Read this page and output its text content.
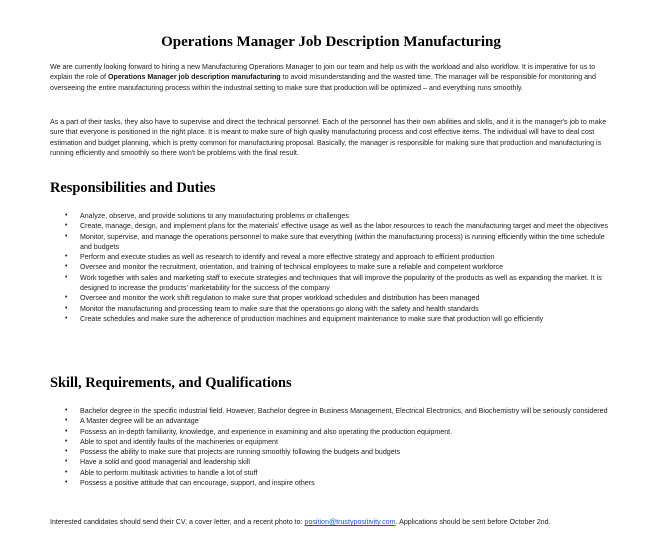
Operations Manager Job Description Manufacturing

We are currently looking forward to hiring a new Manufacturing Operations Manager to join our team and help us with the workload and also workflow. It is imperative for us to explain the role of Operations Manager job description manufacturing to avoid misunderstanding and the wasted time. The manager will be responsible for monitoring and overseeing the entire manufacturing process within the industrial setting to make sure that production will be optimized – and everything runs smoothly.

As a part of their tasks, they also have to supervise and direct the technical personnel. Each of the personnel has their own abilities and skills, and it is the manager's job to make sure that everyone is positioned in the right place. It is meant to make sure of high quality manufacturing process and cost effective items. The individual will have to deal cost estimation and budget planning, which is pretty common for manufacturing proposal. Basically, the manager is responsible for making sure that production and manufacturing is running efficiently and smoothly so there won't be problems with the final result.

Responsibilities and Duties
• Analyze, observe, and provide solutions to any manufacturing problems or challenges
• Create, manage, design, and implement plans for the materials' effective usage as well as the labor resources to reach the manufacturing target and meet the objectives
• Monitor, supervise, and manage the operations personnel to make sure that everything (within the manufacturing process) is running efficiently within the time schedule and budgets
• Perform and execute studies as well as research to identify and reveal a more effective strategy and approach to efficient production
• Oversee and monitor the recruitment, orientation, and training of technical employees to make sure a reliable and competent workforce
• Work together with sales and marketing staff to execute strategies and techniques that will improve the popularity of the products as well as expanding the market. It is designed to increase the products' marketability for the success of the company
• Oversee and monitor the work shift regulation to make sure that proper workload schedules and distribution has been managed
• Monitor the manufacturing and processing team to make sure that the operations go along with the safety and health standards
• Create schedules and make sure the adherence of production machines and equipment maintenance to make sure that production will go efficiently
Skill, Requirements, and Qualifications
• Bachelor degree in the specific industrial field. However, Bachelor degree in Business Management, Electrical Electronics, and Biochemistry will be seriously considered
• A Master degree will be an advantage
• Possess an in-depth familiarity, knowledge, and experience in examining and also operating the production equipment.
• Able to spot and identify faults of the machineries or equipment
• Possess the ability to make sure that projects are running smoothly following the budgets and budgets
• Have a solid and good managerial and leadership skill
• Able to perform multitask activities to handle a lot of stuff
• Possess a positive attitude that can encourage, support, and inspire others

Interested candidates should send their CV, a cover letter, and a recent photo to: position@trustypositivity.com. Applications should be sent before October 2nd.
